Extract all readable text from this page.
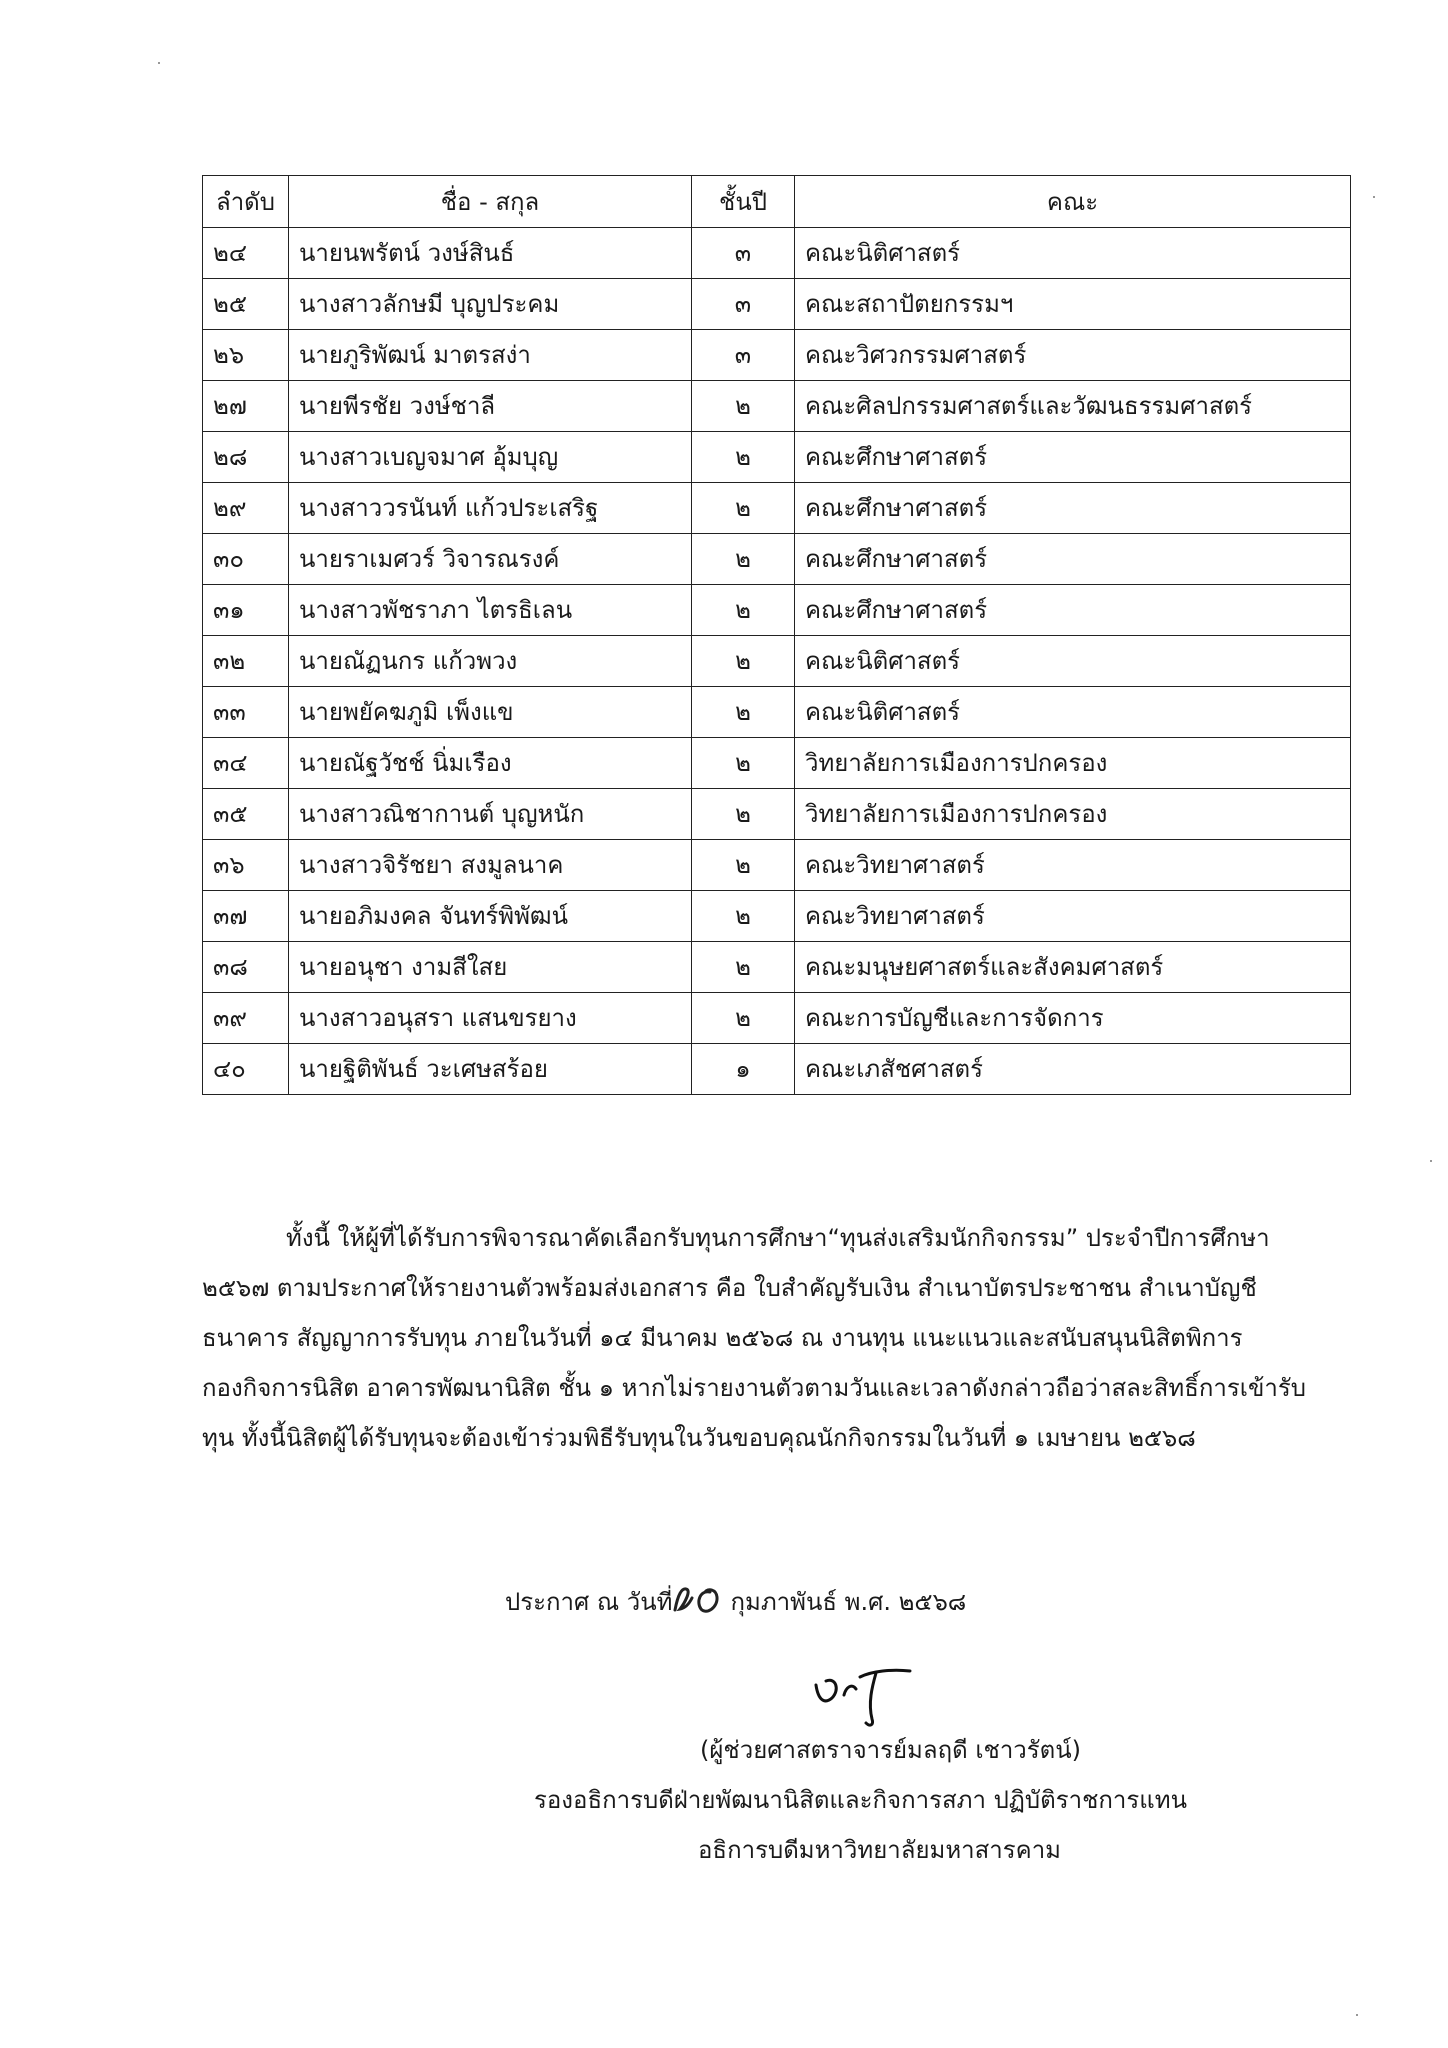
ลำดับ	ชื่อ - สกุล	ชั้นปี	คณะ
๒๔	นายนพรัตน์ วงษ์สินธ์	๓	คณะนิติศาสตร์
๒๕	นางสาวลักษมี บุญประคม	๓	คณะสถาปัตยกรรมฯ
๒๖	นายภูริพัฒน์ มาตรสง่า	๓	คณะวิศวกรรมศาสตร์
๒๗	นายพีรชัย วงษ์ชาลี	๒	คณะศิลปกรรมศาสตร์และวัฒนธรรมศาสตร์
๒๘	นางสาวเบญจมาศ อุ้มบุญ	๒	คณะศึกษาศาสตร์
๒๙	นางสาววรนันท์ แก้วประเสริฐ	๒	คณะศึกษาศาสตร์
๓๐	นายราเมศวร์ วิจารณรงค์	๒	คณะศึกษาศาสตร์
๓๑	นางสาวพัชราภา ไตรธิเลน	๒	คณะศึกษาศาสตร์
๓๒	นายณัฏนกร แก้วพวง	๒	คณะนิติศาสตร์
๓๓	นายพยัคฆภูมิ เพ็งแข	๒	คณะนิติศาสตร์
๓๔	นายณัฐวัชช์ นิ่มเรือง	๒	วิทยาลัยการเมืองการปกครอง
๓๕	นางสาวณิชากานต์ บุญหนัก	๒	วิทยาลัยการเมืองการปกครอง
๓๖	นางสาวจิรัชยา สงมูลนาค	๒	คณะวิทยาศาสตร์
๓๗	นายอภิมงคล จันทร์พิพัฒน์	๒	คณะวิทยาศาสตร์
๓๘	นายอนุชา งามสีใสย	๒	คณะมนุษยศาสตร์และสังคมศาสตร์
๓๙	นางสาวอนุสรา แสนขรยาง	๒	คณะการบัญชีและการจัดการ
๔๐	นายฐิติพันธ์ วะเศษสร้อย	๑	คณะเภสัชศาสตร์

ทั้งนี้ ให้ผู้ที่ได้รับการพิจารณาคัดเลือกรับทุนการศึกษา“ทุนส่งเสริมนักกิจกรรม” ประจำปีการศึกษา

๒๕๖๗ ตามประกาศให้รายงานตัวพร้อมส่งเอกสาร คือ ใบสำคัญรับเงิน สำเนาบัตรประชาชน สำเนาบัญชี

ธนาคาร สัญญาการรับทุน ภายในวันที่ ๑๔ มีนาคม ๒๕๖๘ ณ งานทุน แนะแนวและสนับสนุนนิสิตพิการ

กองกิจการนิสิต อาคารพัฒนานิสิต ชั้น ๑ หากไม่รายงานตัวตามวันและเวลาดังกล่าวถือว่าสละสิทธิ์การเข้ารับ

ทุน ทั้งนี้นิสิตผู้ได้รับทุนจะต้องเข้าร่วมพิธีรับทุนในวันขอบคุณนักกิจกรรมในวันที่ ๑ เมษายน ๒๕๖๘

ประกาศ ณ วันที่ กุมภาพันธ์ พ.ศ. ๒๕๖๘
(ผู้ช่วยศาสตราจารย์มลฤดี เชาวรัตน์)
รองอธิการบดีฝ่ายพัฒนานิสิตและกิจการสภา ปฏิบัติราชการแทน
อธิการบดีมหาวิทยาลัยมหาสารคาม
